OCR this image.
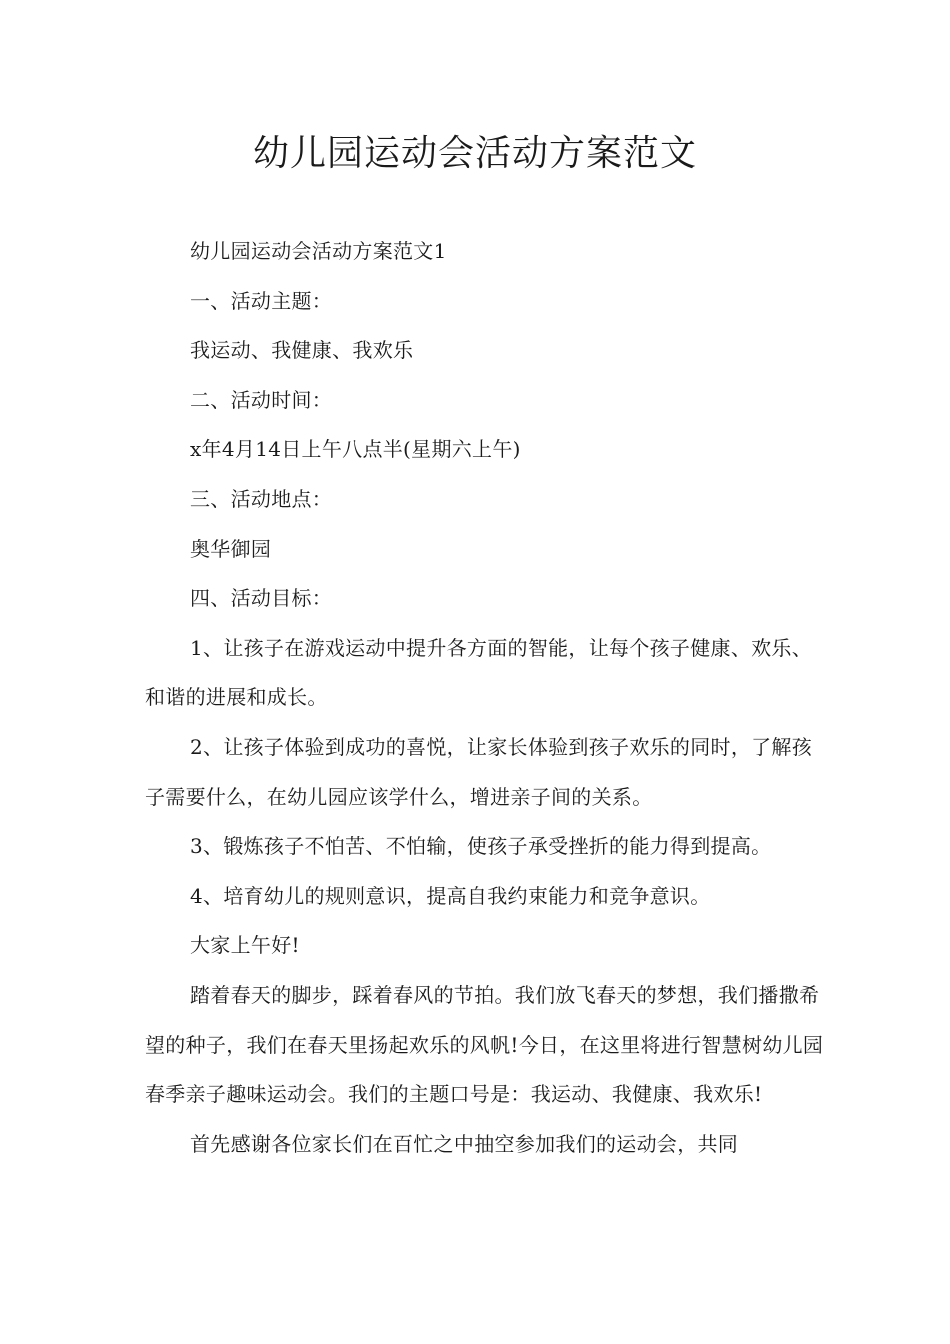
幼儿园运动会活动方案范文

幼儿园运动会活动方案范文1

一、活动主题：

我运动、我健康、我欢乐

二、活动时间：

x年4月14日上午八点半(星期六上午)

三、活动地点：

奥华御园

四、活动目标：

1、让孩子在游戏运动中提升各方面的智能，让每个孩子健康、欢乐、和谐的进展和成长。

2、让孩子体验到成功的喜悦，让家长体验到孩子欢乐的同时，了解孩子需要什么，在幼儿园应该学什么，增进亲子间的关系。

3、锻炼孩子不怕苦、不怕输，使孩子承受挫折的能力得到提高。

4、培育幼儿的规则意识，提高自我约束能力和竞争意识。

大家上午好!

踏着春天的脚步，踩着春风的节拍。我们放飞春天的梦想，我们播撒希望的种子，我们在春天里扬起欢乐的风帆!今日，在这里将进行智慧树幼儿园春季亲子趣味运动会。我们的主题口号是：我运动、我健康、我欢乐!

首先感谢各位家长们在百忙之中抽空参加我们的运动会，共同
